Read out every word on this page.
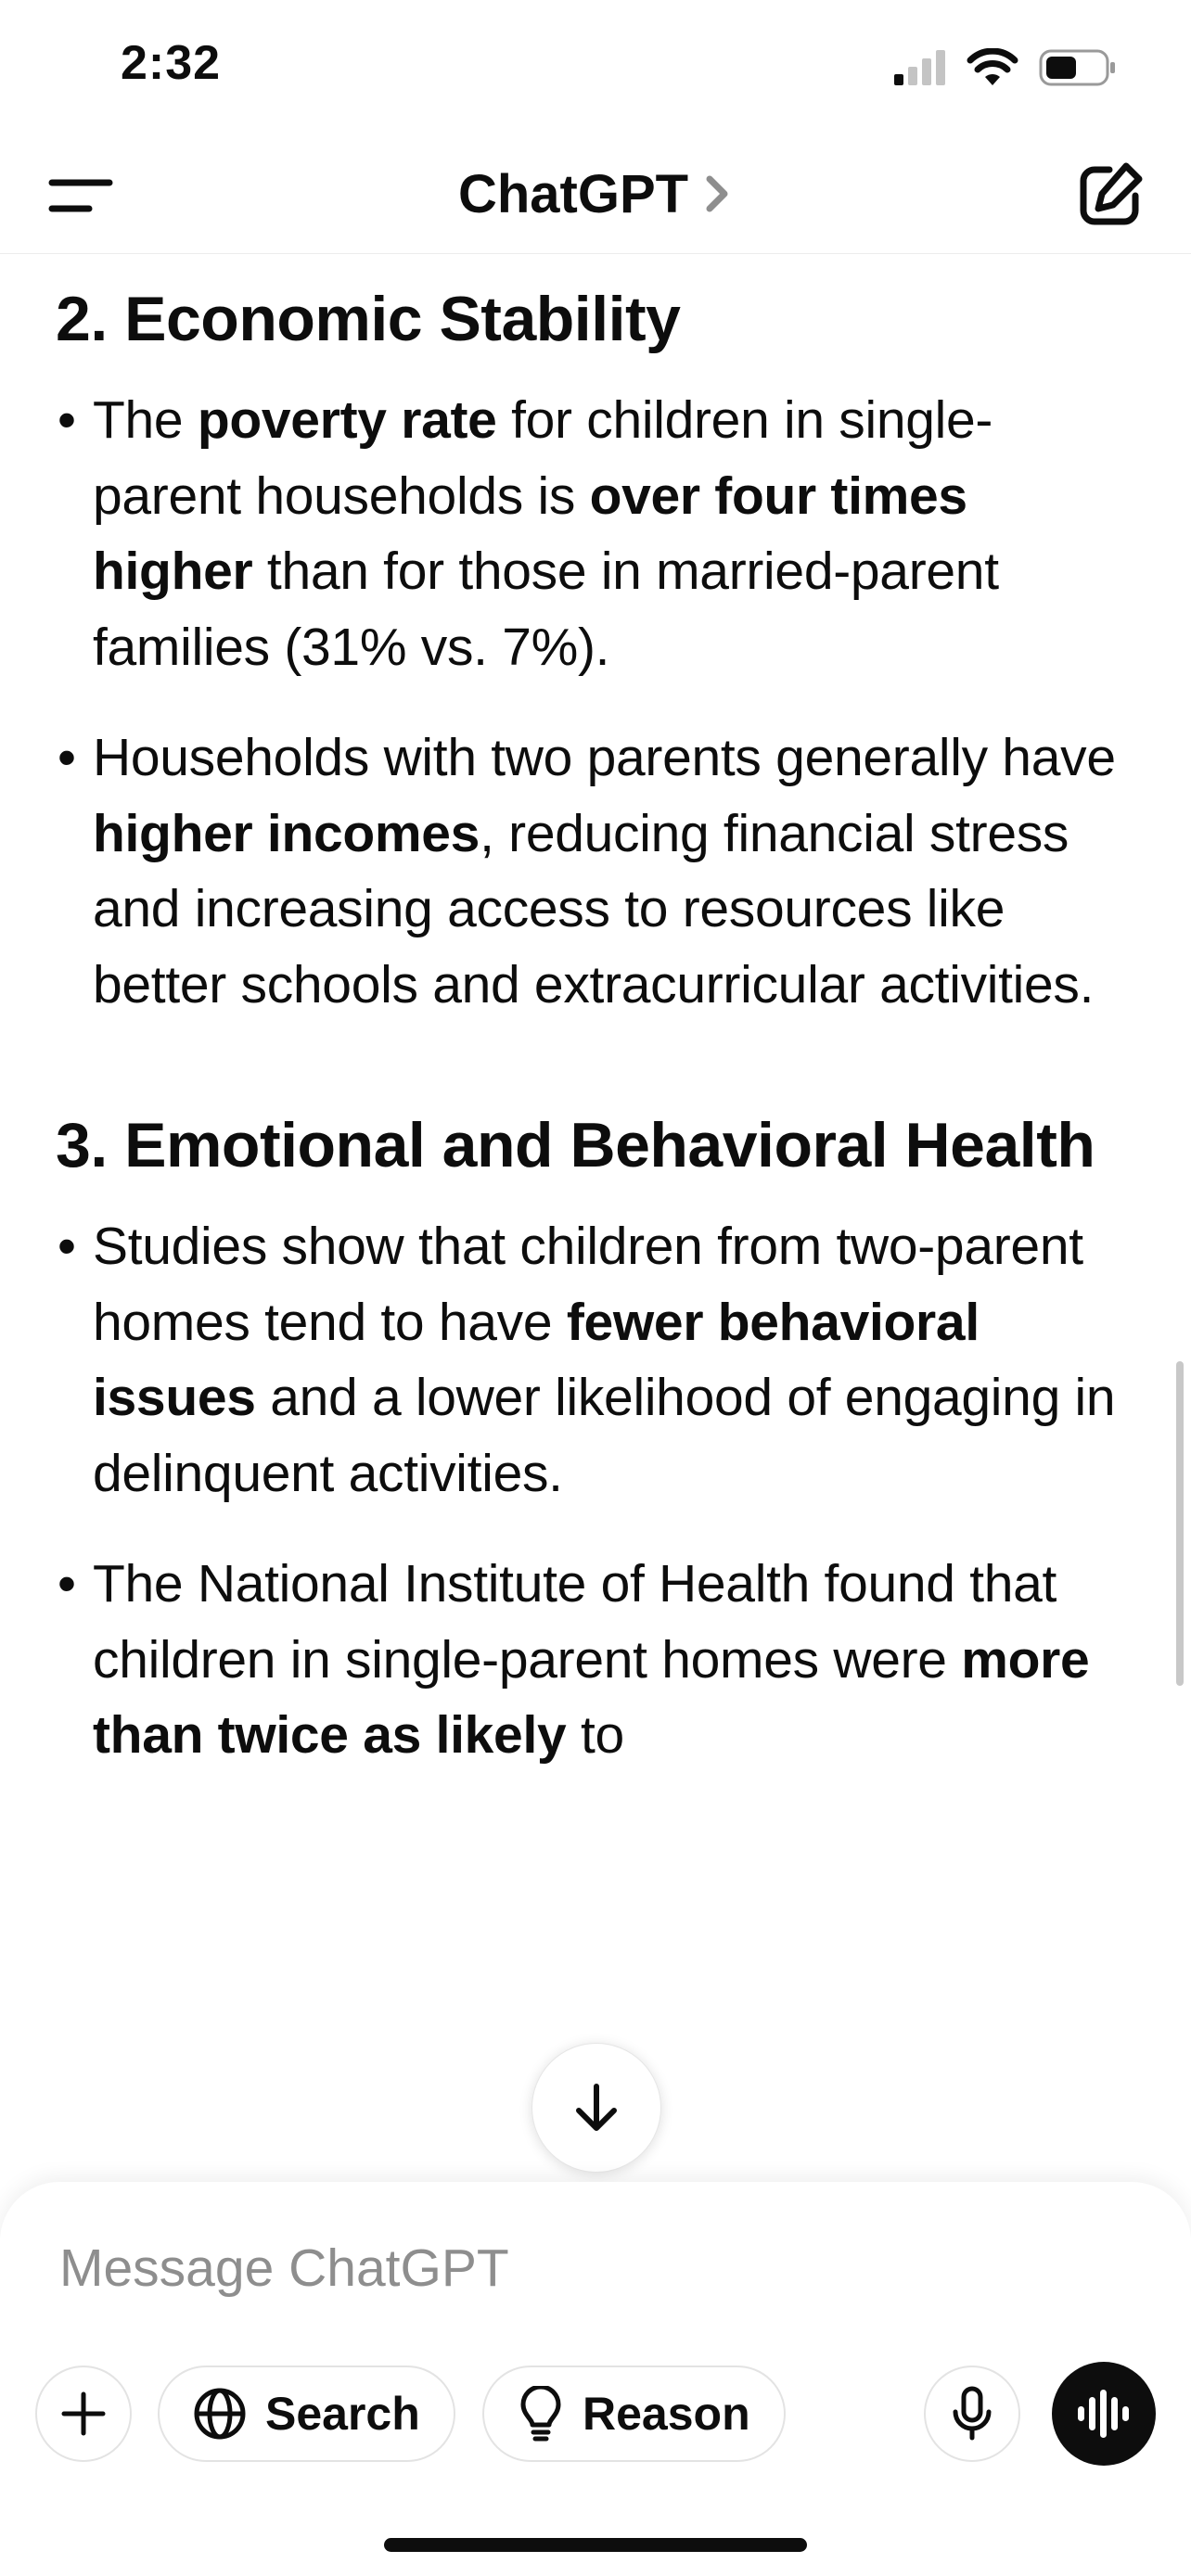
2:32
ChatGPT
2. Economic Stability
• The poverty rate for children in single-parent households is over four times higher than for those in married-parent families (31% vs. 7%).
• Households with two parents generally have higher incomes, reducing financial stress and increasing access to resources like better schools and extracurricular activities.
3. Emotional and Behavioral Health
• Studies show that children from two-parent homes tend to have fewer behavioral issues and a lower likelihood of engaging in delinquent activities.
• The National Institute of Health found that children in single-parent homes were more than twice as likely to
Message ChatGPT
Search	Reason
